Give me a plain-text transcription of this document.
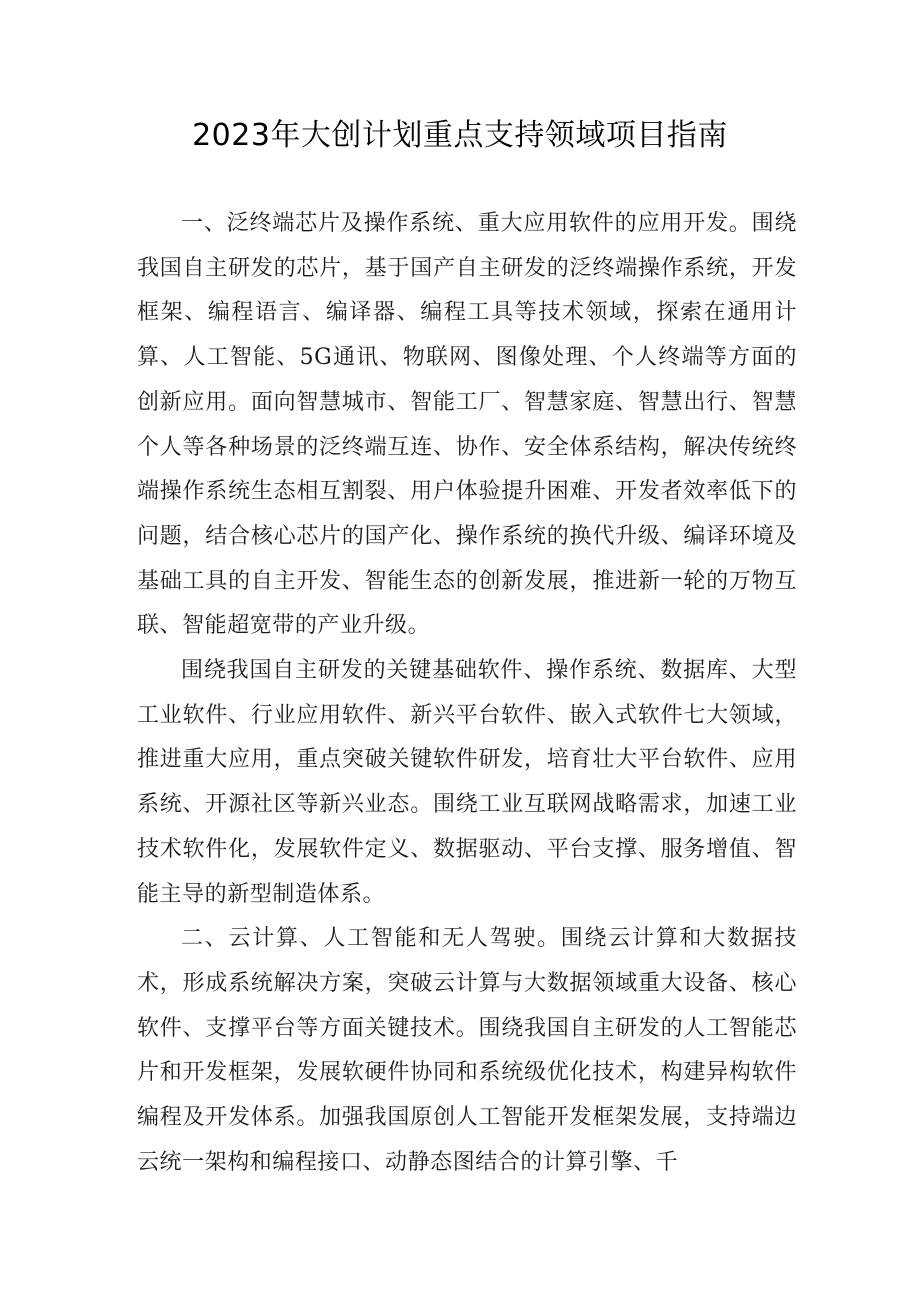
2023年大创计划重点支持领域项目指南

一、泛终端芯片及操作系统、重大应用软件的应用开发。围绕我国自主研发的芯片，基于国产自主研发的泛终端操作系统，开发框架、编程语言、编译器、编程工具等技术领域，探索在通用计算、人工智能、5G通讯、物联网、图像处理、个人终端等方面的创新应用。面向智慧城市、智能工厂、智慧家庭、智慧出行、智慧个人等各种场景的泛终端互连、协作、安全体系结构，解决传统终端操作系统生态相互割裂、用户体验提升困难、开发者效率低下的问题，结合核心芯片的国产化、操作系统的换代升级、编译环境及基础工具的自主开发、智能生态的创新发展，推进新一轮的万物互联、智能超宽带的产业升级。

围绕我国自主研发的关键基础软件、操作系统、数据库、大型工业软件、行业应用软件、新兴平台软件、嵌入式软件七大领域，推进重大应用，重点突破关键软件研发，培育壮大平台软件、应用系统、开源社区等新兴业态。围绕工业互联网战略需求，加速工业技术软件化，发展软件定义、数据驱动、平台支撑、服务增值、智能主导的新型制造体系。

二、云计算、人工智能和无人驾驶。围绕云计算和大数据技术，形成系统解决方案，突破云计算与大数据领域重大设备、核心软件、支撑平台等方面关键技术。围绕我国自主研发的人工智能芯片和开发框架，发展软硬件协同和系统级优化技术，构建异构软件编程及开发体系。加强我国原创人工智能开发框架发展，支持端边云统一架构和编程接口、动静态图结合的计算引擎、千
